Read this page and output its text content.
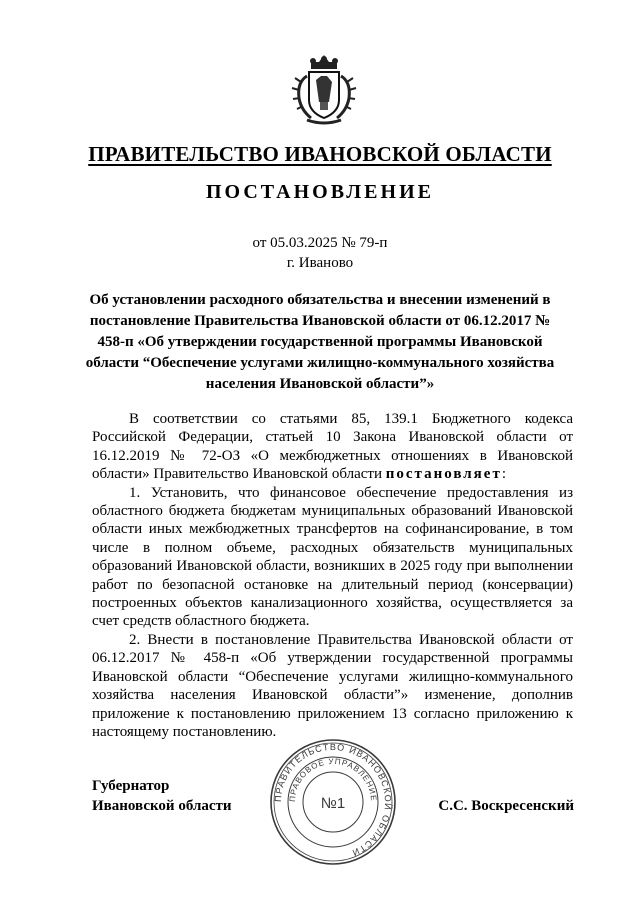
ПРАВИТЕЛЬСТВО ИВАНОВСКОЙ ОБЛАСТИ
ПОСТАНОВЛЕНИЕ
от 05.03.2025 № 79-п
г. Иваново
Об установлении расходного обязательства и внесении изменений в постановление Правительства Ивановской области от 06.12.2017 № 458-п «Об утверждении государственной программы Ивановской области “Обеспечение услугами жилищно-коммунального хозяйства населения Ивановской области”»

В соответствии со статьями 85, 139.1 Бюджетного кодекса Российской Федерации, статьей 10 Закона Ивановской области от 16.12.2019 № 72-ОЗ «О межбюджетных отношениях в Ивановской области» Правительство Ивановской области постановляет:

1. Установить, что финансовое обеспечение предоставления из областного бюджета бюджетам муниципальных образований Ивановской области иных межбюджетных трансфертов на софинансирование, в том числе в полном объеме, расходных обязательств муниципальных образований Ивановской области, возникших в 2025 году при выполнении работ по безопасной остановке на длительный период (консервации) построенных объектов канализационного хозяйства, осуществляется за счет средств областного бюджета.

2. Внести в постановление Правительства Ивановской области от 06.12.2017 № 458-п «Об утверждении государственной программы Ивановской области “Обеспечение услугами жилищно-коммунального хозяйства населения Ивановской области”» изменение, дополнив приложение к постановлению приложением 13 согласно приложению к настоящему постановлению.

Губернатор
Ивановской области	С.С. Воскресенский
ПРАВИТЕЛЬСТВО ИВАНОВСКОЙ ОБЛАСТИ
ПРАВОВОЕ УПРАВЛЕНИЕ
№1
